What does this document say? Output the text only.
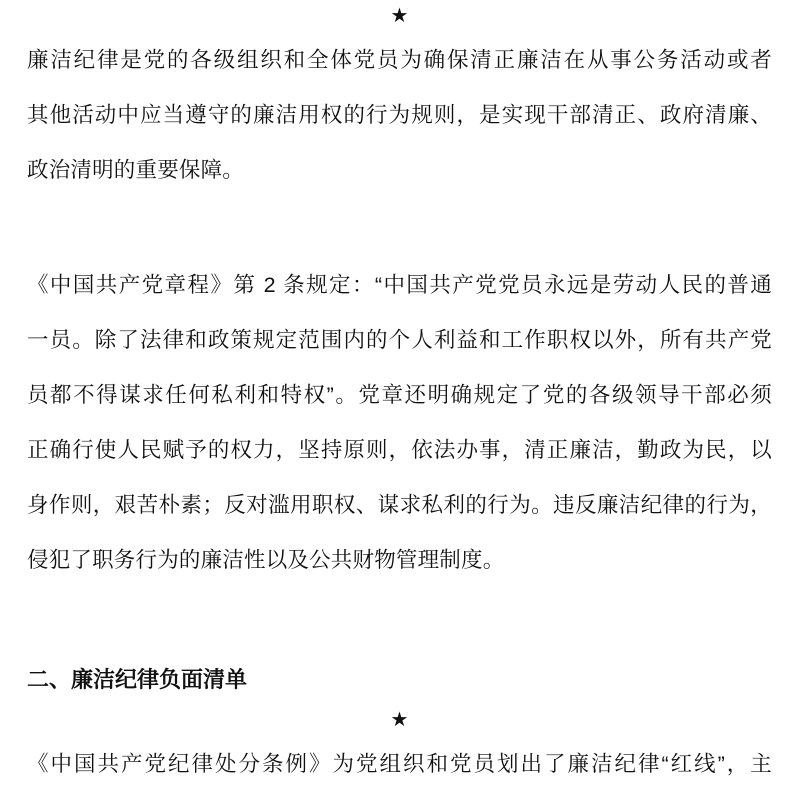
★
廉洁纪律是党的各级组织和全体党员为确保清正廉洁在从事公务活动或者
其他活动中应当遵守的廉洁用权的行为规则，是实现干部清正、政府清廉、
政治清明的重要保障。
《中国共产党章程》第 2 条规定：“中国共产党党员永远是劳动人民的普通
一员。除了法律和政策规定范围内的个人利益和工作职权以外，所有共产党
员都不得谋求任何私利和特权”。党章还明确规定了党的各级领导干部必须
正确行使人民赋予的权力，坚持原则，依法办事，清正廉洁，勤政为民，以
身作则，艰苦朴素；反对滥用职权、谋求私利的行为。违反廉洁纪律的行为，
侵犯了职务行为的廉洁性以及公共财物管理制度。
二、廉洁纪律负面清单
★
《中国共产党纪律处分条例》为党组织和党员划出了廉洁纪律“红线”，主
